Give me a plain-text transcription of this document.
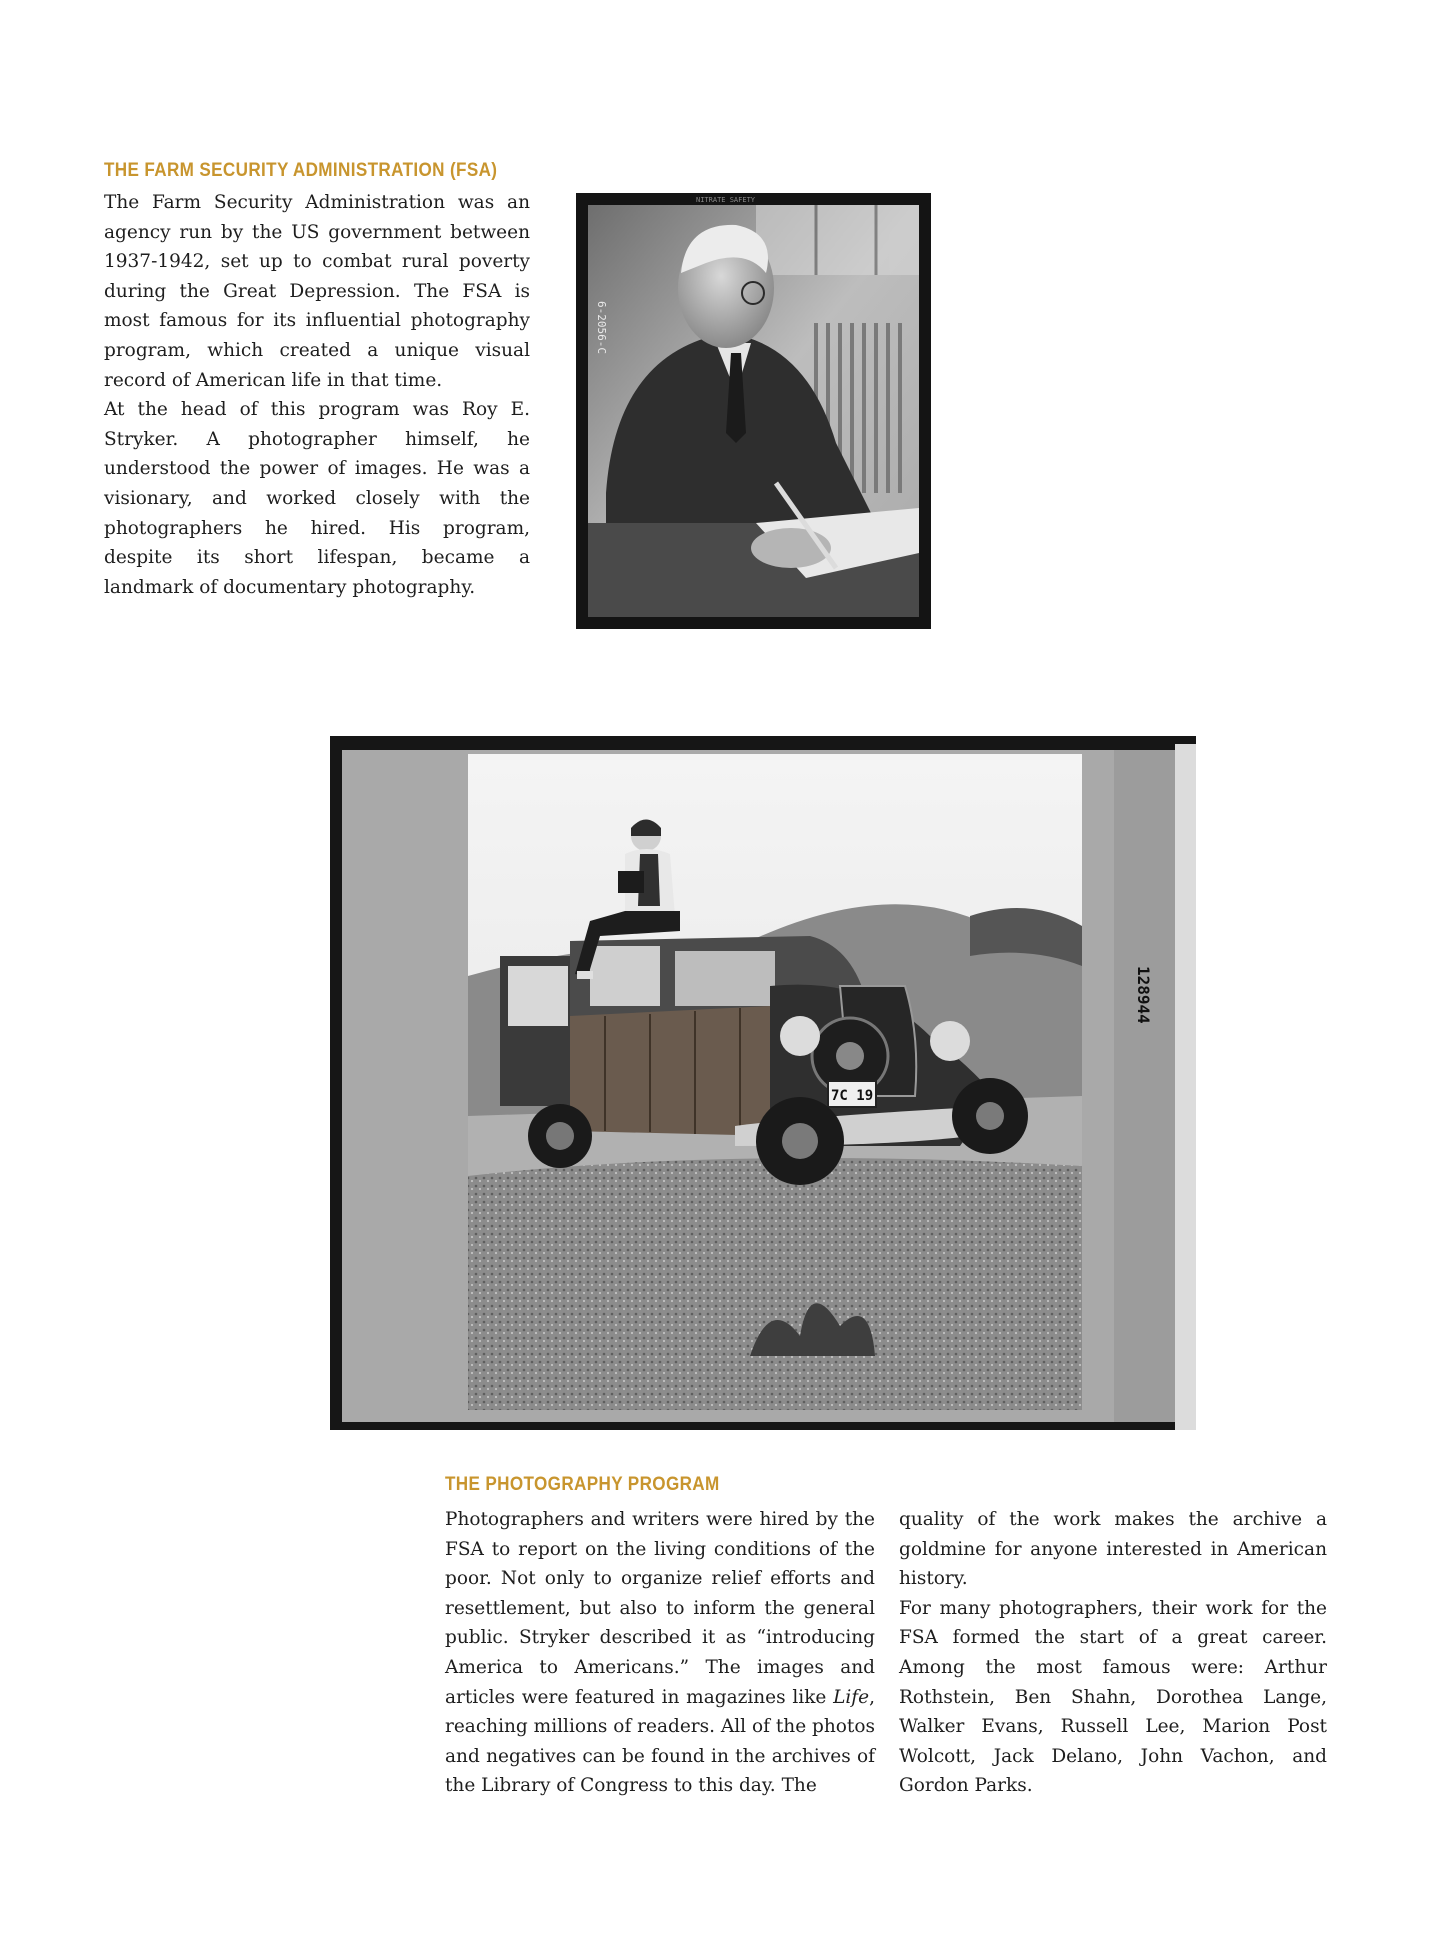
THE FARM SECURITY ADMINISTRATION (FSA)

The Farm Security Administration was an agency run by the US government between 1937-1942, set up to combat rural poverty during the Great Depression. The FSA is most famous for its influential photography program, which created a unique visual record of American life in that time.

At the head of this program was Roy E. Stryker. A photographer himself, he understood the power of images. He was a visionary, and worked closely with the photographers he hired. His program, despite its short lifespan, became a landmark of documentary photography.

6-2056-C
NITRATE SAFETY
7C 19
128944
THE PHOTOGRAPHY PROGRAM

Photographers and writers were hired by the FSA to report on the living conditions of the poor. Not only to organize relief efforts and resettlement, but also to inform the general public. Stryker described it as “introducing America to Americans.” The images and articles were featured in magazines like Life, reaching millions of readers. All of the photos and negatives can be found in the archives of the Library of Congress to this day. The

quality of the work makes the archive a goldmine for anyone interested in American history.

For many photographers, their work for the FSA formed the start of a great career. Among the most famous were: Arthur Rothstein, Ben Shahn, Dorothea Lange, Walker Evans, Russell Lee, Marion Post Wolcott, Jack Delano, John Vachon, and Gordon Parks.
